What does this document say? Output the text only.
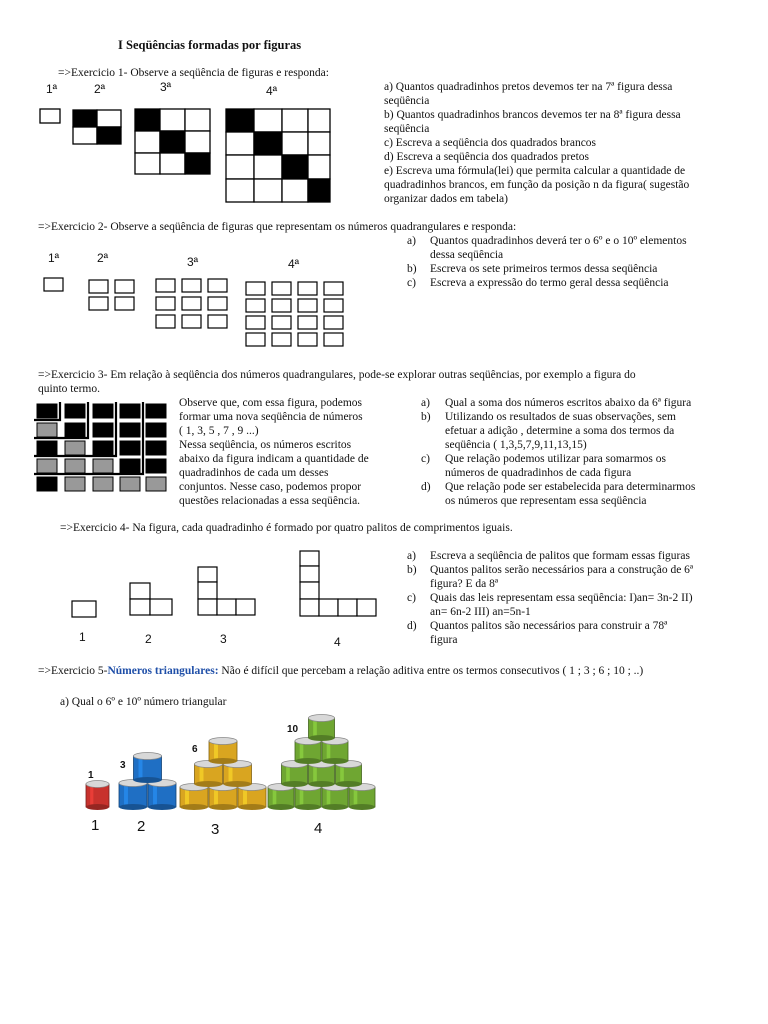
I Seqüências formadas por figuras
=>Exercicio 1- Observe a seqüência de figuras e responda:
1ª	2ª	3ª	4ª	a) Quantos quadradinhos pretos devemos ter na 7ª figura dessa
seqüência
b) Quantos quadradinhos brancos devemos ter na 8ª figura dessa
seqüência
c) Escreva a seqüência dos quadrados brancos
d) Escreva a seqüência dos quadrados pretos
e) Escreva uma fórmula(lei) que permita calcular a quantidade de
quadradinhos brancos, em função da posição n da figura( sugestão
organizar dados em tabela)
=>Exercicio 2- Observe a seqüência de figuras que representam os números quadrangulares e responda:
1ª	2ª	3ª	4ª
a) Quantos quadradinhos deverá ter o 6º e o 10º elementos
dessa seqüência
b) Escreva os sete primeiros termos dessa seqüência
c) Escreva a expressão do termo geral dessa seqüência
=>Exercicio 3- Em relação à seqüência dos números quadrangulares, pode-se explorar outras seqüências, por exemplo a figura do
quinto termo.
Observe que, com essa figura, podemos
formar uma nova seqüência de números
( 1, 3, 5 , 7 , 9 ...)
Nessa seqüência, os números escritos
abaixo da figura indicam a quantidade de
quadradinhos de cada um desses
conjuntos. Nesse caso, podemos propor
questões relacionadas a essa seqüência.
a) Qual a soma dos números escritos abaixo da 6ª figura
b) Utilizando os resultados de suas observações, sem
efetuar a adição , determine a soma dos termos da
seqüência ( 1,3,5,7,9,11,13,15)
c) Que relação podemos utilizar para somarmos os
números de quadradinhos de cada figura
d) Que relação pode ser estabelecida para determinarmos
os números que representam essa seqüência
=>Exercicio 4- Na figura, cada quadradinho é formado por quatro palitos de comprimentos iguais.
1	2	3	4
a) Escreva a seqüência de palitos que formam essas figuras
b) Quantos palitos serão necessários para a construção de 6ª
figura? E da 8ª
c) Quais das leis representam essa seqüência: I)an= 3n-2 II)
an= 6n-2 III) an=5n-1
d) Quantos palitos são necessários para construir a 78ª
figura
=>Exercicio 5-Números triangulares: Não é difícil que percebam a relação aditiva entre os termos consecutivos ( 1 ; 3 ; 6 ; 10 ; ..)
a) Qual o 6º e 10º número triangular
1
3
6
10
1	2	3	4
